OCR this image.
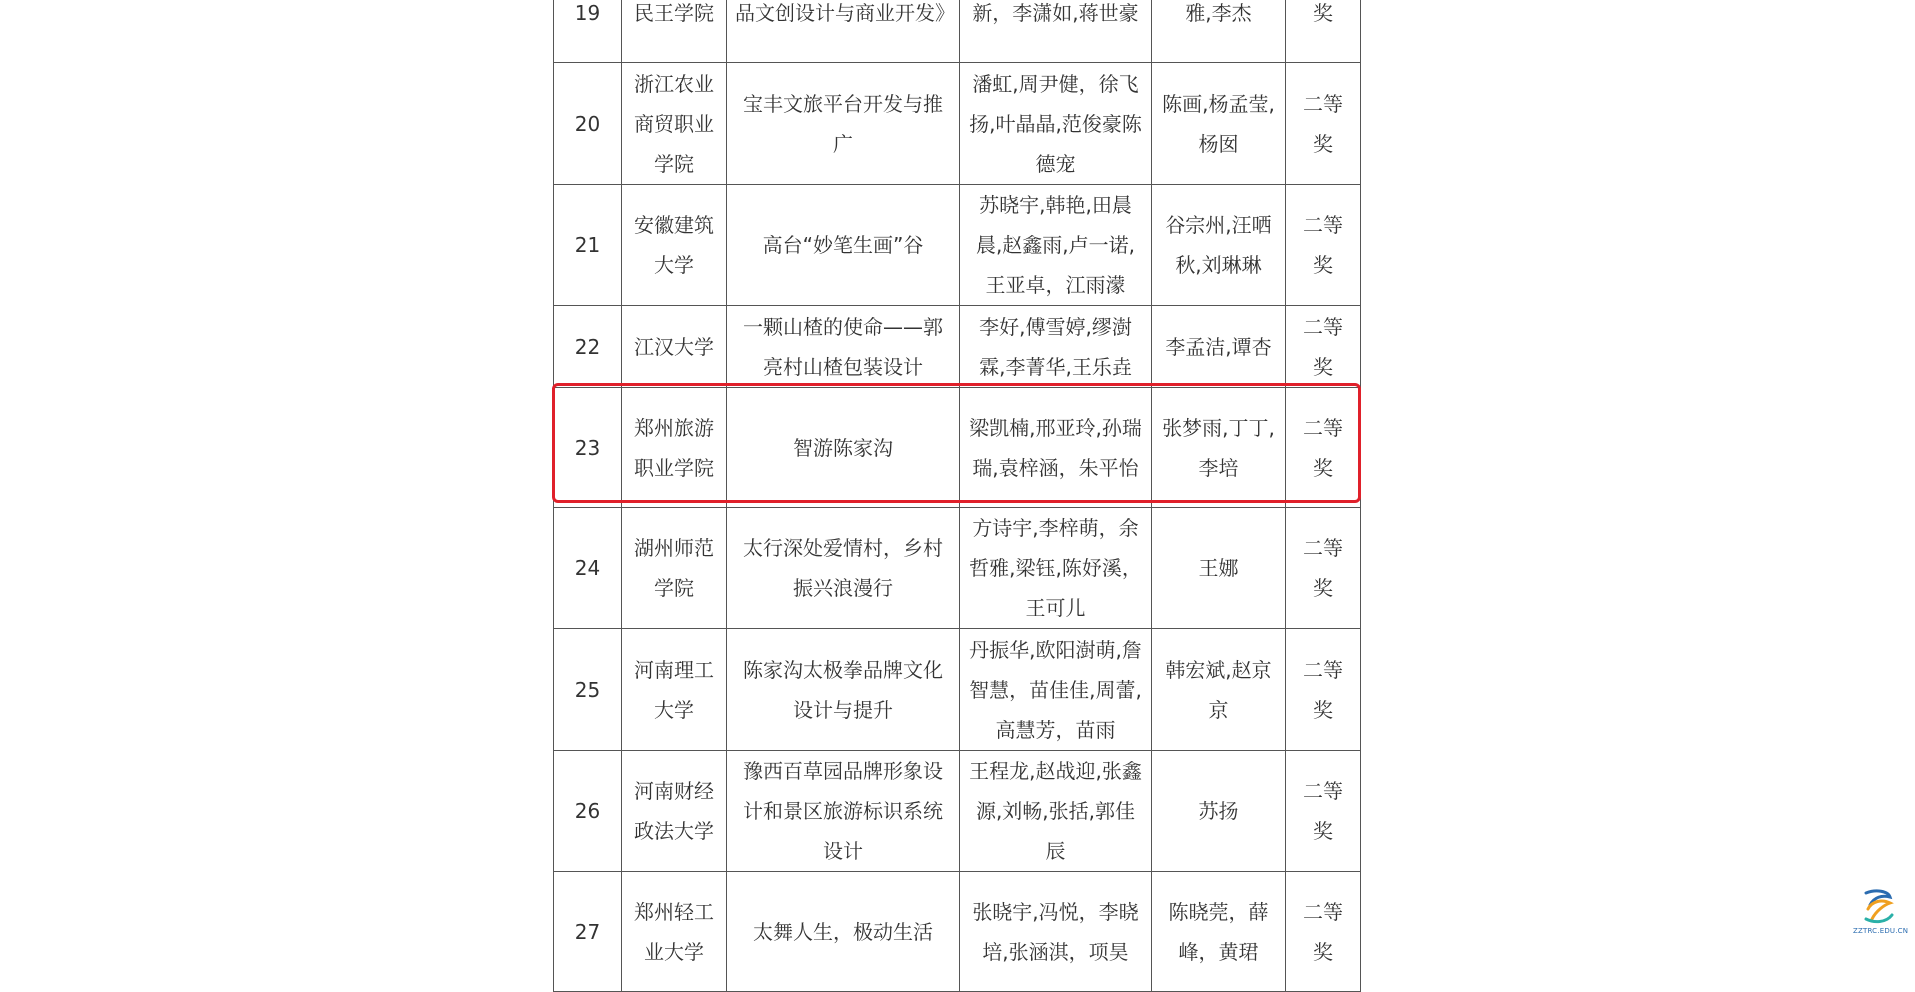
19	民王学院	品文创设计与商业开发》	新，李潇如,蒋世豪	雅,李杰	奖
20	浙江农业商贸职业学院	宝丰文旅平台开发与推广	潘虹,周尹健，徐飞扬,叶晶晶,范俊豪陈德宠	陈画,杨孟莹,杨囡	二等奖
21	安徽建筑大学	高台“妙笔生画”谷	苏晓宇,韩艳,田晨晨,赵鑫雨,卢一诺,王亚卓，江雨濛	谷宗州,汪哂秋,刘琳琳	二等奖
22	江汉大学	一颗山楂的使命——郭亮村山楂包装设计	李好,傅雪婷,缪澍霖,李菁华,王乐垚	李孟洁,谭杏	二等奖
23	郑州旅游职业学院	智游陈家沟	梁凯楠,邢亚玲,孙瑞瑞,袁梓涵，朱平怡	张梦雨,丁丁,李培	二等奖
24	湖州师范学院	太行深处爱情村，乡村振兴浪漫行	方诗宇,李梓萌，余哲雅,梁钰,陈妤溪，王可儿	王娜	二等奖
25	河南理工大学	陈家沟太极拳品牌文化设计与提升	丹振华,欧阳澍萌,詹智慧，苗佳佳,周蕾,高慧芳，苗雨	韩宏斌,赵京京	二等奖
26	河南财经政法大学	豫西百草园品牌形象设计和景区旅游标识系统设计	王程龙,赵战迎,张鑫源,刘畅,张括,郭佳辰	苏扬	二等奖
27	郑州轻工业大学	太舞人生，极动生活	张晓宇,冯悦，李晓培,张涵淇，项昊	陈晓莞，薛峰，黄珺	二等奖
ZZTRC.EDU.CN
